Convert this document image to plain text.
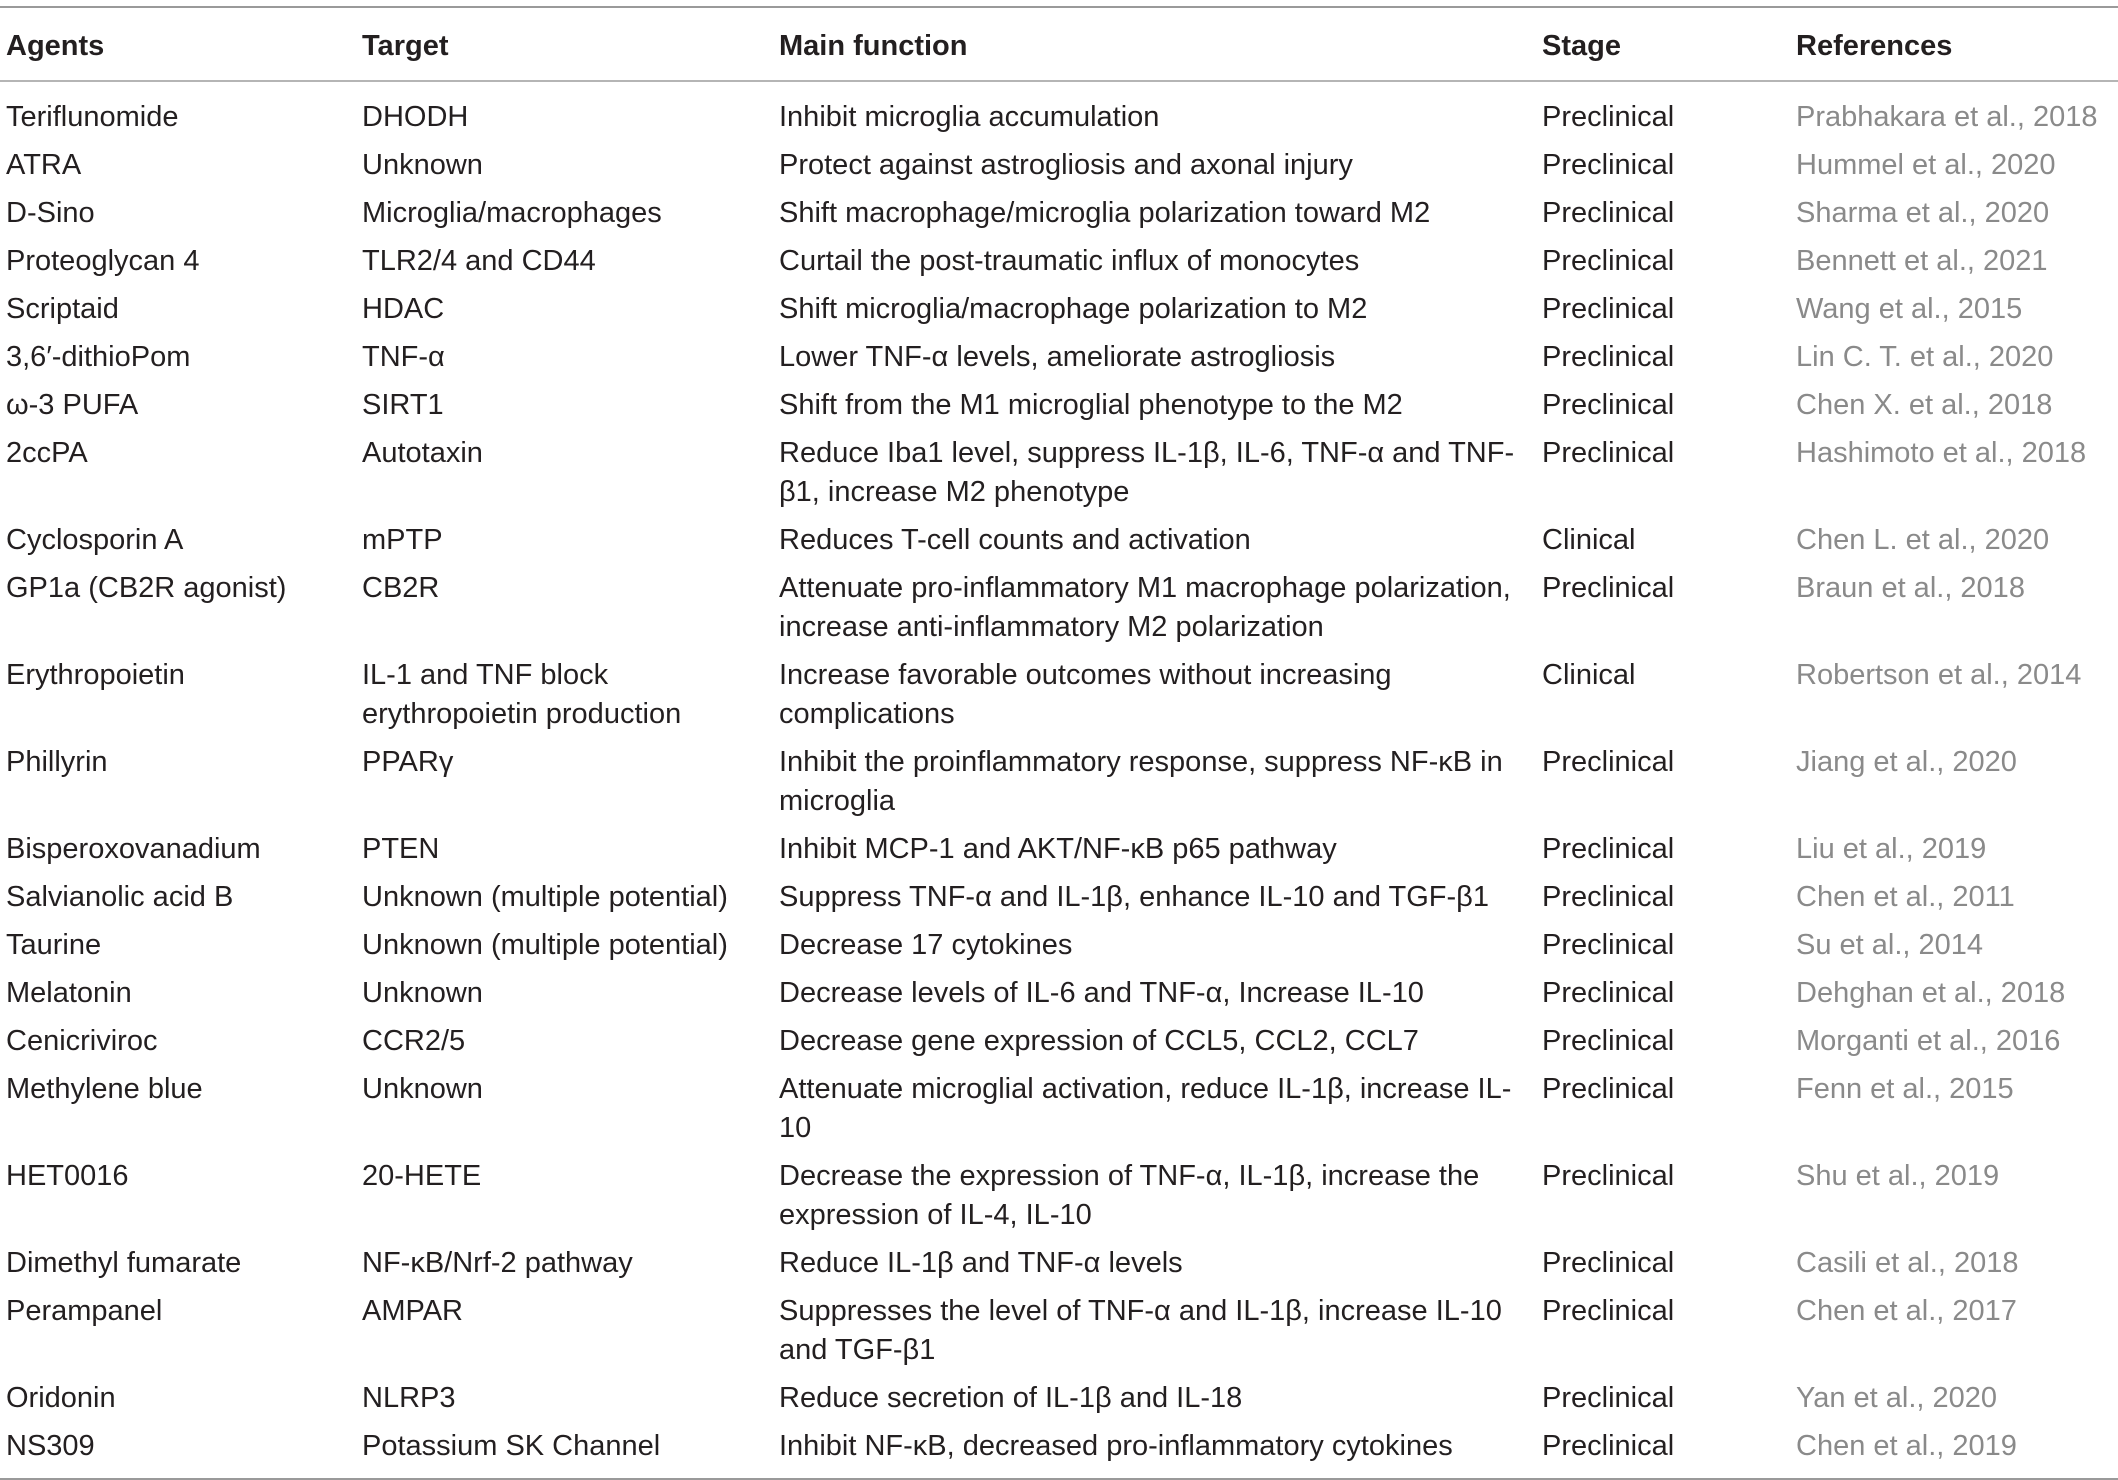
Agents	Target	Main function	Stage	References
Teriflunomide	DHODH	Inhibit microglia accumulation	Preclinical	Prabhakara et al., 2018
ATRA	Unknown	Protect against astrogliosis and axonal injury	Preclinical	Hummel et al., 2020
D-Sino	Microglia/macrophages	Shift macrophage/microglia polarization toward M2	Preclinical	Sharma et al., 2020
Proteoglycan 4	TLR2/4 and CD44	Curtail the post-traumatic influx of monocytes	Preclinical	Bennett et al., 2021
Scriptaid	HDAC	Shift microglia/macrophage polarization to M2	Preclinical	Wang et al., 2015
3,6′-dithioPom	TNF-α	Lower TNF-α levels, ameliorate astrogliosis	Preclinical	Lin C. T. et al., 2020
ω-3 PUFA	SIRT1	Shift from the M1 microglial phenotype to the M2	Preclinical	Chen X. et al., 2018
2ccPA	Autotaxin	Reduce Iba1 level, suppress IL-1β, IL-6, TNF-α and TNF-β1, increase M2 phenotype	Preclinical	Hashimoto et al., 2018
Cyclosporin A	mPTP	Reduces T-cell counts and activation	Clinical	Chen L. et al., 2020
GP1a (CB2R agonist)	CB2R	Attenuate pro-inflammatory M1 macrophage polarization, increase anti-inflammatory M2 polarization	Preclinical	Braun et al., 2018
Erythropoietin	IL-1 and TNF block erythropoietin production	Increase favorable outcomes without increasing complications	Clinical	Robertson et al., 2014
Phillyrin	PPARγ	Inhibit the proinflammatory response, suppress NF-κB in microglia	Preclinical	Jiang et al., 2020
Bisperoxovanadium	PTEN	Inhibit MCP-1 and AKT/NF-κB p65 pathway	Preclinical	Liu et al., 2019
Salvianolic acid B	Unknown (multiple potential)	Suppress TNF-α and IL-1β, enhance IL-10 and TGF-β1	Preclinical	Chen et al., 2011
Taurine	Unknown (multiple potential)	Decrease 17 cytokines	Preclinical	Su et al., 2014
Melatonin	Unknown	Decrease levels of IL-6 and TNF-α, Increase IL-10	Preclinical	Dehghan et al., 2018
Cenicriviroc	CCR2/5	Decrease gene expression of CCL5, CCL2, CCL7	Preclinical	Morganti et al., 2016
Methylene blue	Unknown	Attenuate microglial activation, reduce IL-1β, increase IL-10	Preclinical	Fenn et al., 2015
HET0016	20-HETE	Decrease the expression of TNF-α, IL-1β, increase the expression of IL-4, IL-10	Preclinical	Shu et al., 2019
Dimethyl fumarate	NF-κB/Nrf-2 pathway	Reduce IL-1β and TNF-α levels	Preclinical	Casili et al., 2018
Perampanel	AMPAR	Suppresses the level of TNF-α and IL-1β, increase IL-10 and TGF-β1	Preclinical	Chen et al., 2017
Oridonin	NLRP3	Reduce secretion of IL-1β and IL-18	Preclinical	Yan et al., 2020
NS309	Potassium SK Channel	Inhibit NF-κB, decreased pro-inflammatory cytokines	Preclinical	Chen et al., 2019
